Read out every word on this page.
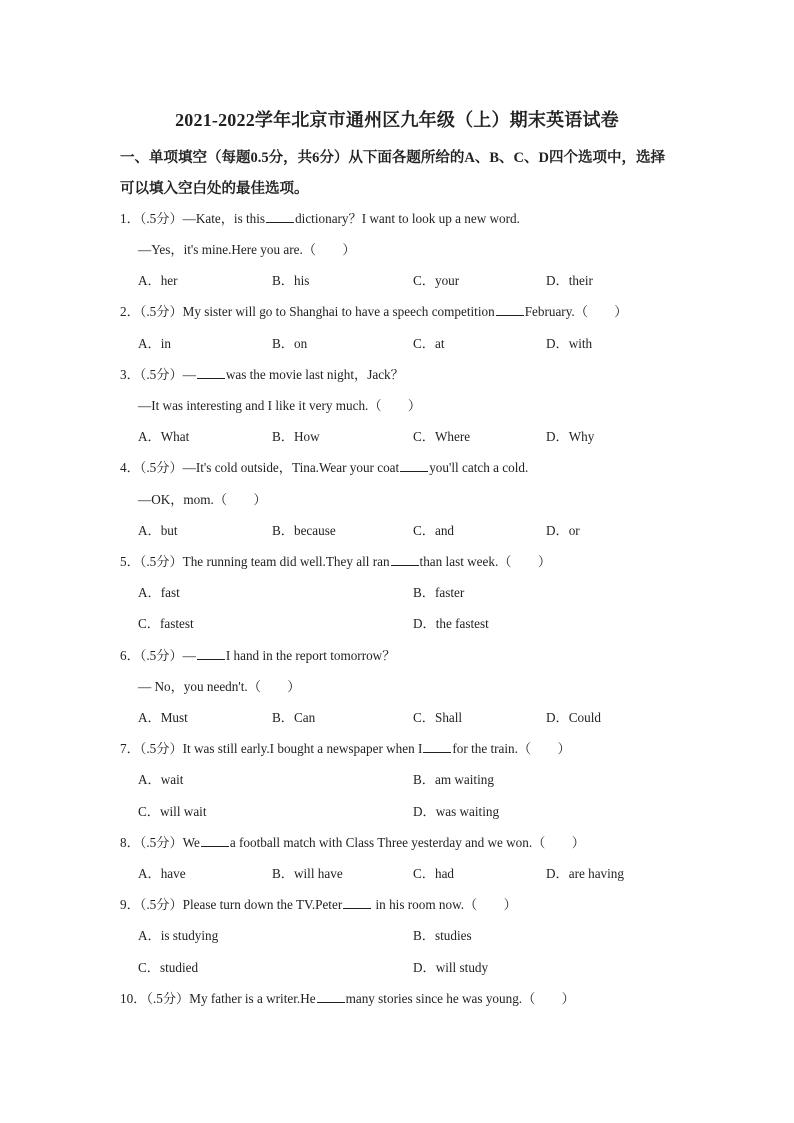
2021-2022学年北京市通州区九年级（上）期末英语试卷
一、单项填空（每题0.5分，共6分）从下面各题所给的A、B、C、D四个选项中，选择
可以填入空白处的最佳选项。
1．（.5分）—Kate，is this dictionary？I want to look up a new word.
—Yes，it's mine.Here you are.（　　）
A．her	B．his	C．your	D．their
2．（.5分）My sister will go to Shanghai to have a speech competition February.（　　）
A．in	B．on	C．at	D．with
3．（.5分）— was the movie last night，Jack？
—It was interesting and I like it very much.（　　）
A．What	B．How	C．Where	D．Why
4．（.5分）—It's cold outside，Tina.Wear your coat you'll catch a cold.
—OK，mom.（　　）
A．but	B．because	C．and	D．or
5．（.5分）The running team did well.They all ran than last week.（　　）
A．fast	B．faster
C．fastest	D．the fastest
6．（.5分）— I hand in the report tomorrow？
— No，you needn't.（　　）
A．Must	B．Can	C．Shall	D．Could
7．（.5分）It was still early.I bought a newspaper when I for the train.（　　）
A．wait	B．am waiting
C．will wait	D．was waiting
8．（.5分）We a football match with Class Three yesterday and we won.（　　）
A．have	B．will have	C．had	D．are having
9．（.5分）Please turn down the TV.Peter in his room now.（　　）
A．is studying	B．studies
C．studied	D．will study
10．（.5分）My father is a writer.He many stories since he was young.（　　）
